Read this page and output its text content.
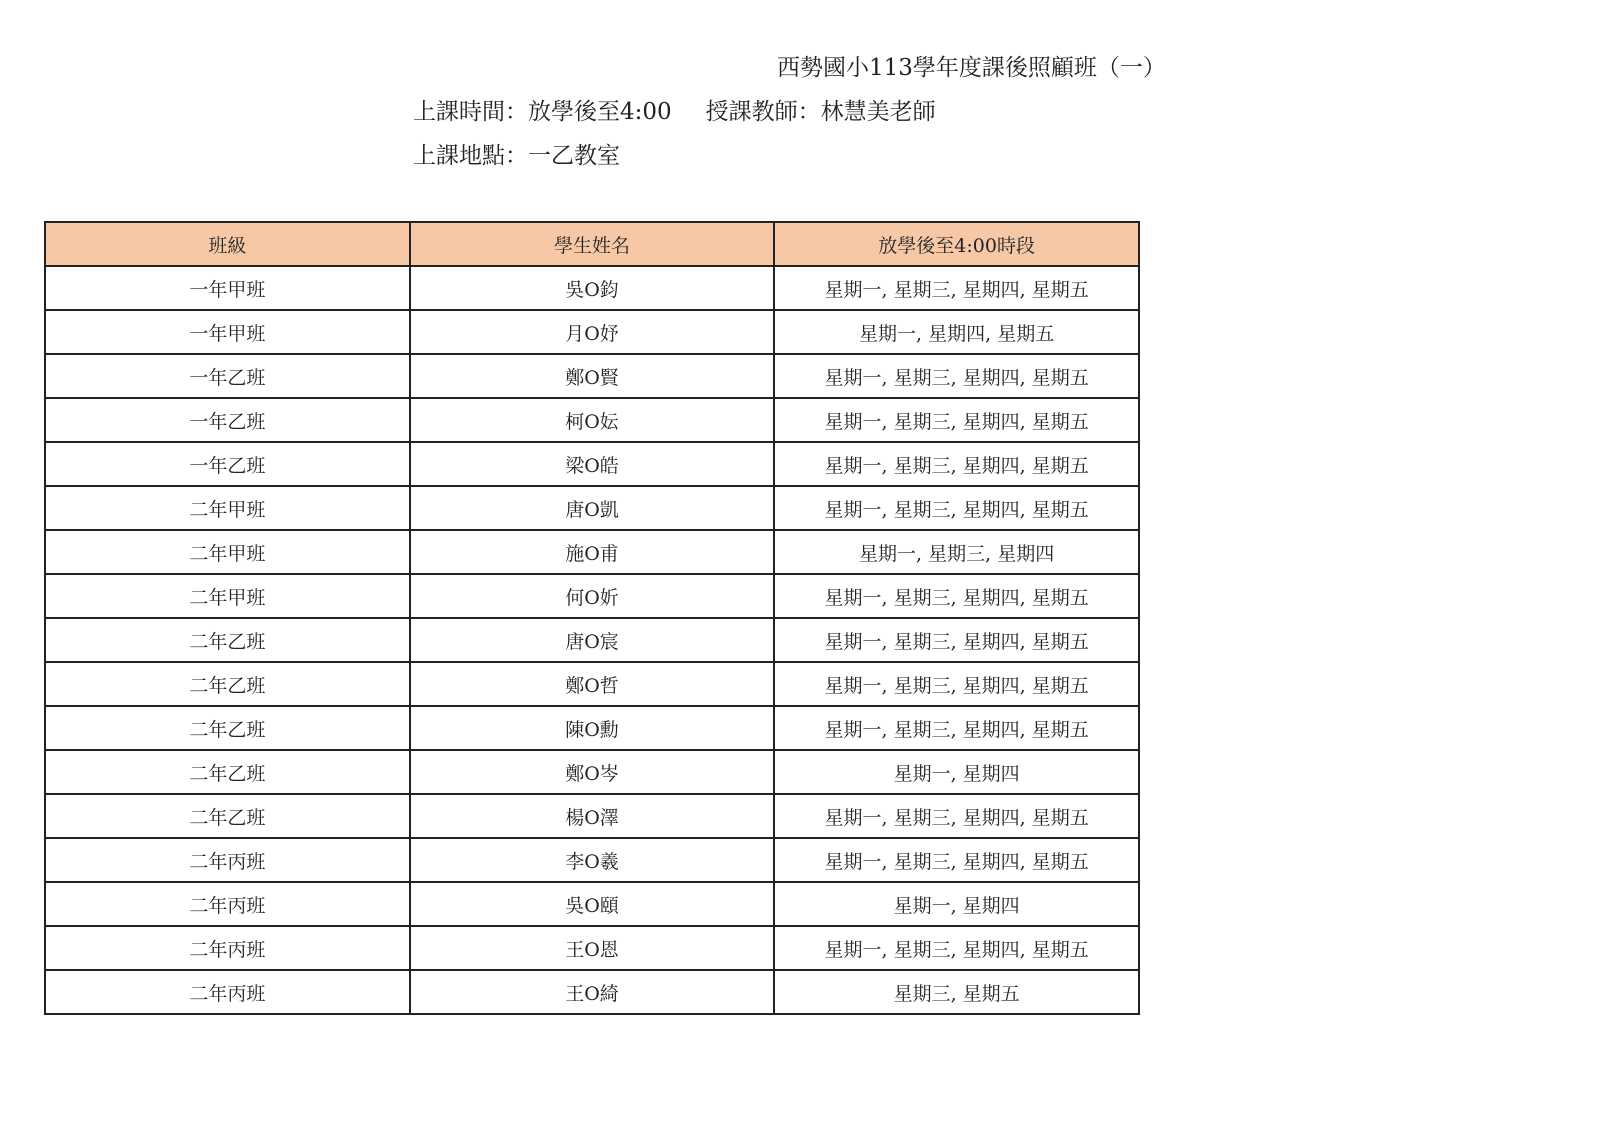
西勢國小113學年度課後照顧班（一）
上課時間：放學後至4:00 授課教師：林慧美老師
上課地點：一乙教室
班級	學生姓名	放學後至4:00時段
一年甲班	吳O鈞	星期一, 星期三, 星期四, 星期五
一年甲班	月O妤	星期一, 星期四, 星期五
一年乙班	鄭O賢	星期一, 星期三, 星期四, 星期五
一年乙班	柯O妘	星期一, 星期三, 星期四, 星期五
一年乙班	梁O皓	星期一, 星期三, 星期四, 星期五
二年甲班	唐O凱	星期一, 星期三, 星期四, 星期五
二年甲班	施O甫	星期一, 星期三, 星期四
二年甲班	何O妡	星期一, 星期三, 星期四, 星期五
二年乙班	唐O宸	星期一, 星期三, 星期四, 星期五
二年乙班	鄭O哲	星期一, 星期三, 星期四, 星期五
二年乙班	陳O勳	星期一, 星期三, 星期四, 星期五
二年乙班	鄭O岑	星期一, 星期四
二年乙班	楊O澤	星期一, 星期三, 星期四, 星期五
二年丙班	李O羲	星期一, 星期三, 星期四, 星期五
二年丙班	吳O頤	星期一, 星期四
二年丙班	王O恩	星期一, 星期三, 星期四, 星期五
二年丙班	王O綺	星期三, 星期五
